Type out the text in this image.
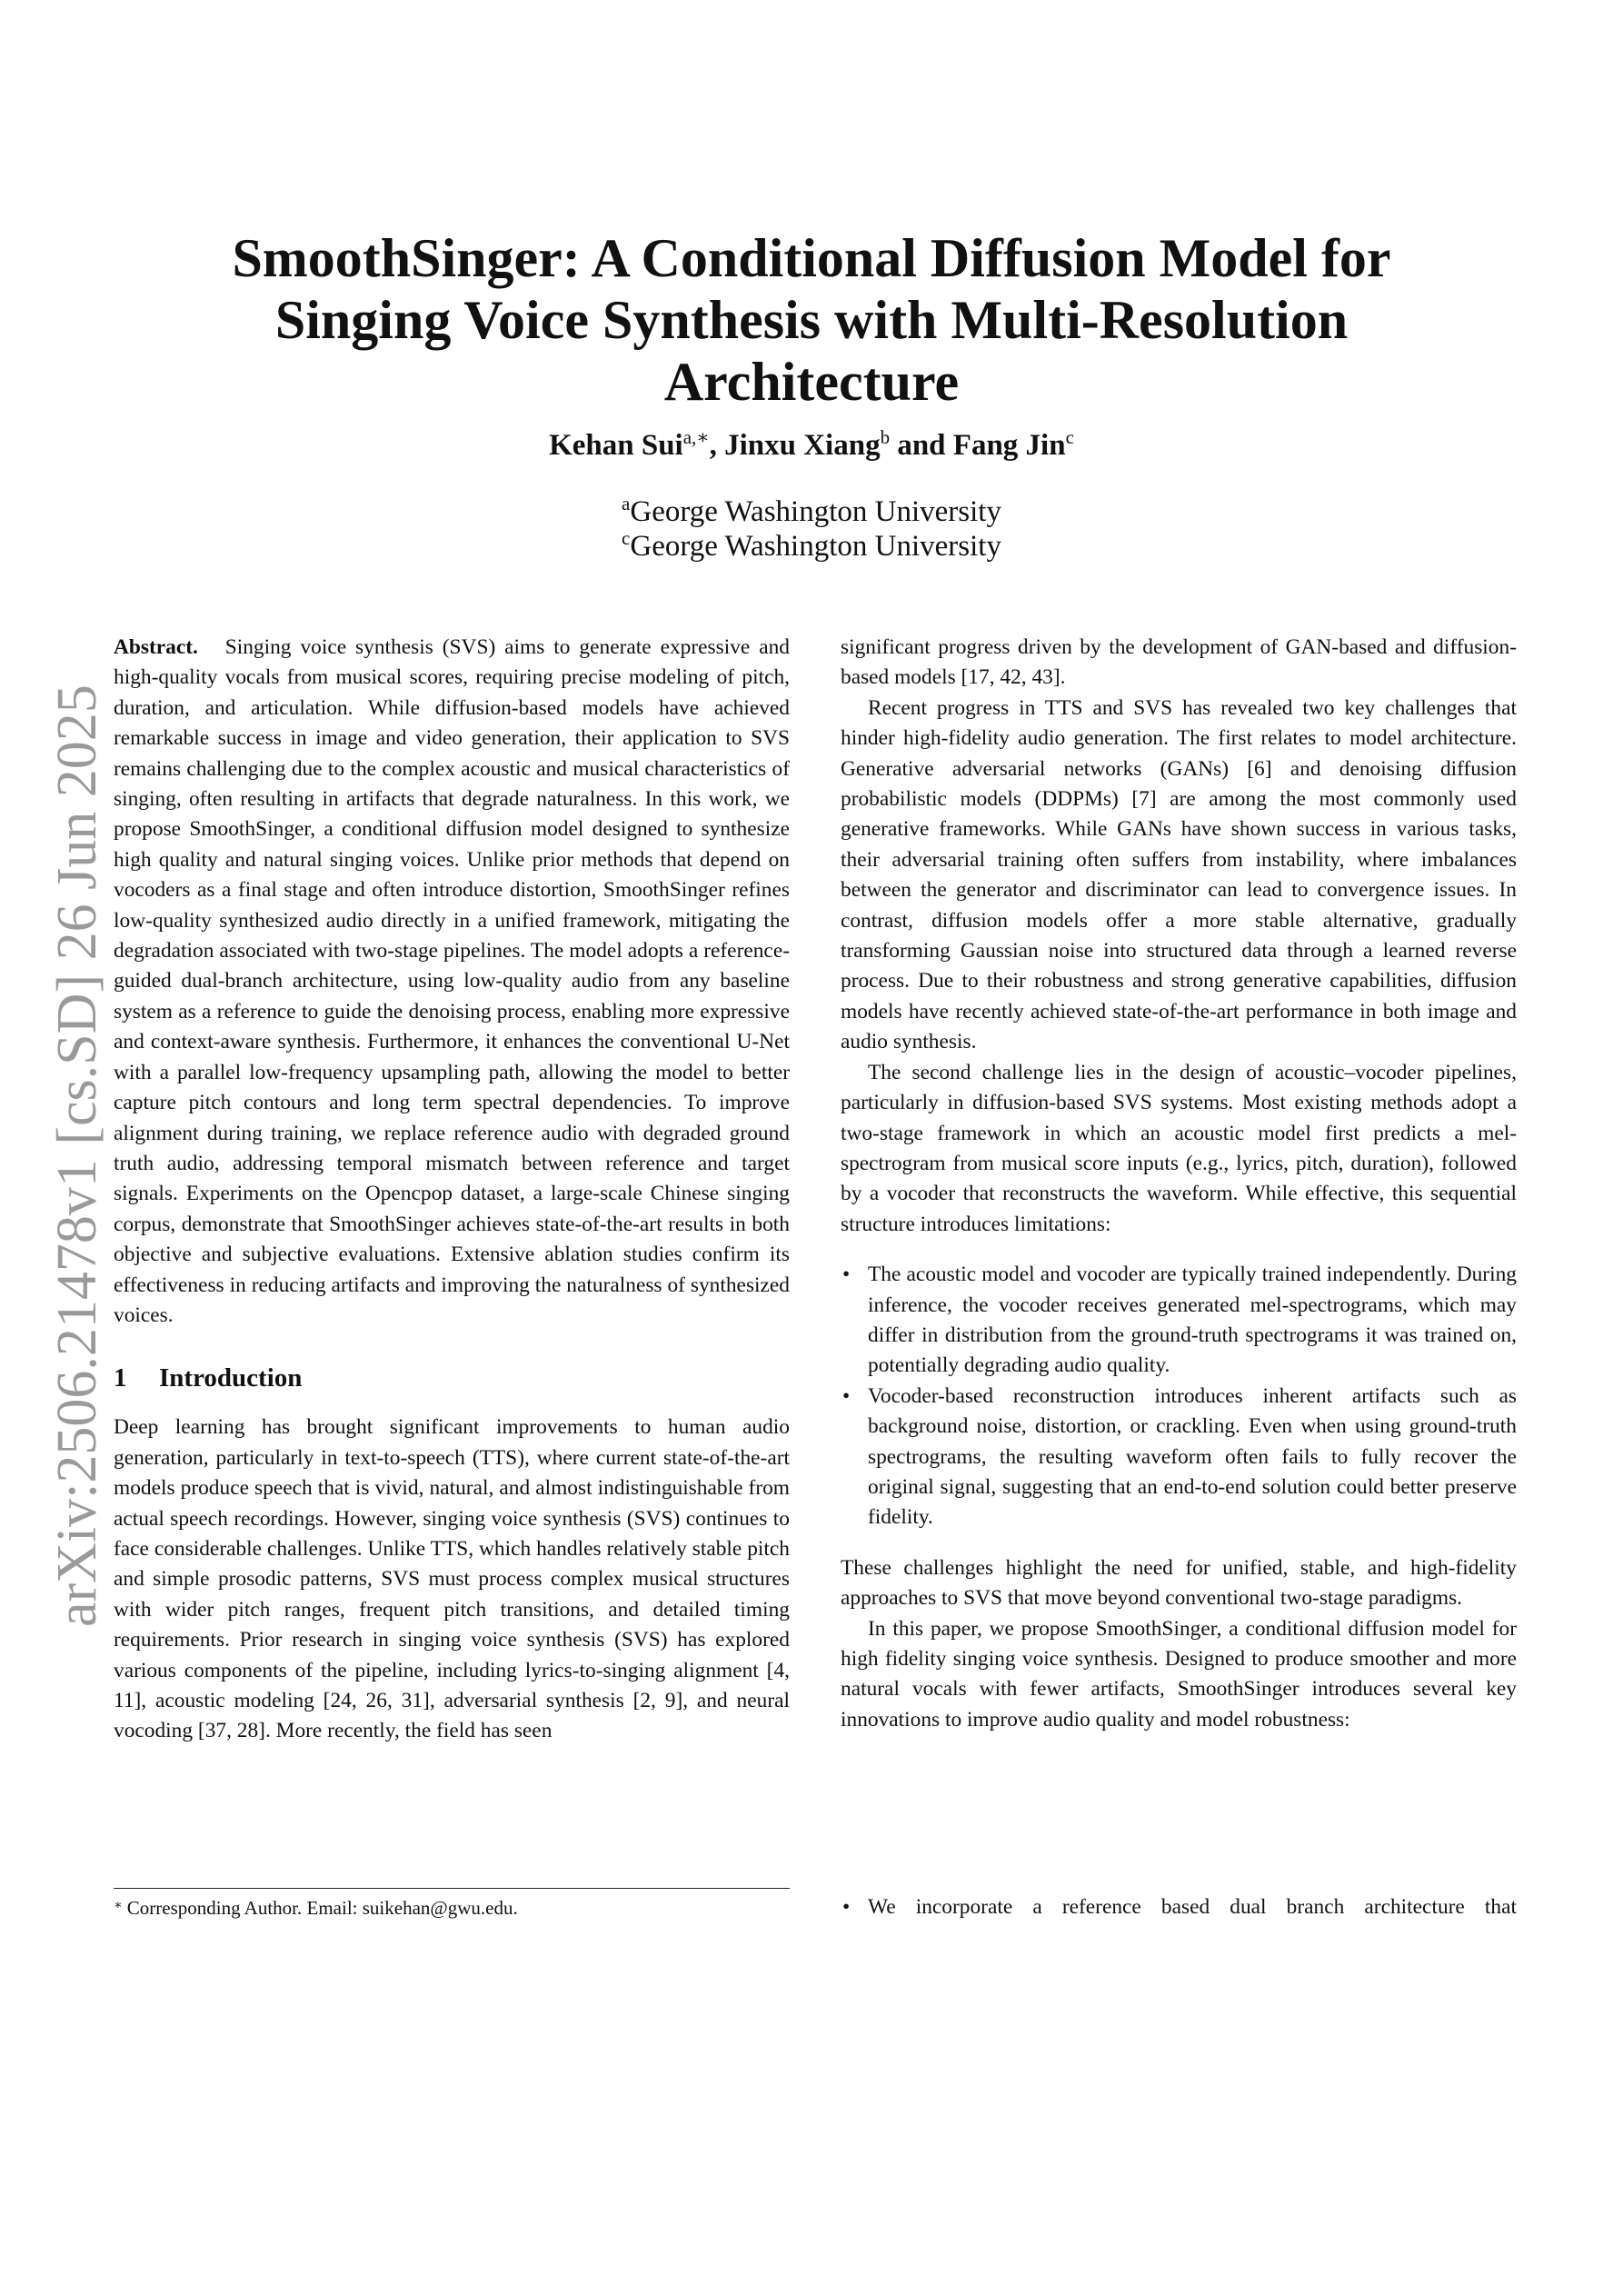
arXiv:2506.21478v1 [cs.SD] 26 Jun 2025
SmoothSinger: A Conditional Diffusion Model for
Singing Voice Synthesis with Multi-Resolution
Architecture
Kehan Sui$^{a,∗}$, Jinxu Xiang$^b$ and Fang Jin$^c$
$^a$George Washington University
$^c$George Washington University

Abstract. Singing voice synthesis (SVS) aims to generate expressive and high-quality vocals from musical scores, requiring precise modeling of pitch, duration, and articulation. While diffusion-based models have achieved remarkable success in image and video generation, their application to SVS remains challenging due to the complex acoustic and musical characteristics of singing, often resulting in artifacts that degrade naturalness. In this work, we propose SmoothSinger, a conditional diffusion model designed to synthesize high quality and natural singing voices. Unlike prior methods that depend on vocoders as a final stage and often introduce distortion, SmoothSinger refines low-quality synthesized audio directly in a unified framework, mitigating the degradation associated with two-stage pipelines. The model adopts a reference-guided dual-branch architecture, using low-quality audio from any baseline system as a reference to guide the denoising process, enabling more expressive and context-aware synthesis. Furthermore, it enhances the conventional U-Net with a parallel low-frequency upsampling path, allowing the model to better capture pitch contours and long term spectral dependencies. To improve alignment during training, we replace reference audio with degraded ground truth audio, addressing temporal mismatch between reference and target signals. Experiments on the Opencpop dataset, a large-scale Chinese singing corpus, demonstrate that SmoothSinger achieves state-of-the-art results in both objective and subjective evaluations. Extensive ablation studies confirm its effectiveness in reducing artifacts and improving the naturalness of synthesized voices.

1 Introduction

Deep learning has brought significant improvements to human audio generation, particularly in text-to-speech (TTS), where current state-of-the-art models produce speech that is vivid, natural, and almost indistinguishable from actual speech recordings. However, singing voice synthesis (SVS) continues to face considerable challenges. Unlike TTS, which handles relatively stable pitch and simple prosodic patterns, SVS must process complex musical structures with wider pitch ranges, frequent pitch transitions, and detailed timing requirements. Prior research in singing voice synthesis (SVS) has explored various components of the pipeline, including lyrics-to-singing alignment [4, 11], acoustic modeling [24, 26, 31], adversarial synthesis [2, 9], and neural vocoding [37, 28]. More recently, the field has seen

∗ Corresponding Author. Email: suikehan@gwu.edu.

significant progress driven by the development of GAN-based and diffusion-based models [17, 42, 43].

Recent progress in TTS and SVS has revealed two key challenges that hinder high-fidelity audio generation. The first relates to model architecture. Generative adversarial networks (GANs) [6] and denoising diffusion probabilistic models (DDPMs) [7] are among the most commonly used generative frameworks. While GANs have shown success in various tasks, their adversarial training often suffers from instability, where imbalances between the generator and discriminator can lead to convergence issues. In contrast, diffusion models offer a more stable alternative, gradually transforming Gaussian noise into structured data through a learned reverse process. Due to their robustness and strong generative capabilities, diffusion models have recently achieved state-of-the-art performance in both image and audio synthesis.

The second challenge lies in the design of acoustic–vocoder pipelines, particularly in diffusion-based SVS systems. Most existing methods adopt a two-stage framework in which an acoustic model first predicts a mel-spectrogram from musical score inputs (e.g., lyrics, pitch, duration), followed by a vocoder that reconstructs the waveform. While effective, this sequential structure introduces limitations:

• The acoustic model and vocoder are typically trained independently. During inference, the vocoder receives generated mel-spectrograms, which may differ in distribution from the ground-truth spectrograms it was trained on, potentially degrading audio quality.
• Vocoder-based reconstruction introduces inherent artifacts such as background noise, distortion, or crackling. Even when using ground-truth spectrograms, the resulting waveform often fails to fully recover the original signal, suggesting that an end-to-end solution could better preserve fidelity.

These challenges highlight the need for unified, stable, and high-fidelity approaches to SVS that move beyond conventional two-stage paradigms.

In this paper, we propose SmoothSinger, a conditional diffusion model for high fidelity singing voice synthesis. Designed to produce smoother and more natural vocals with fewer artifacts, SmoothSinger introduces several key innovations to improve audio quality and model robustness:

• We incorporate a reference based dual branch architecture that
